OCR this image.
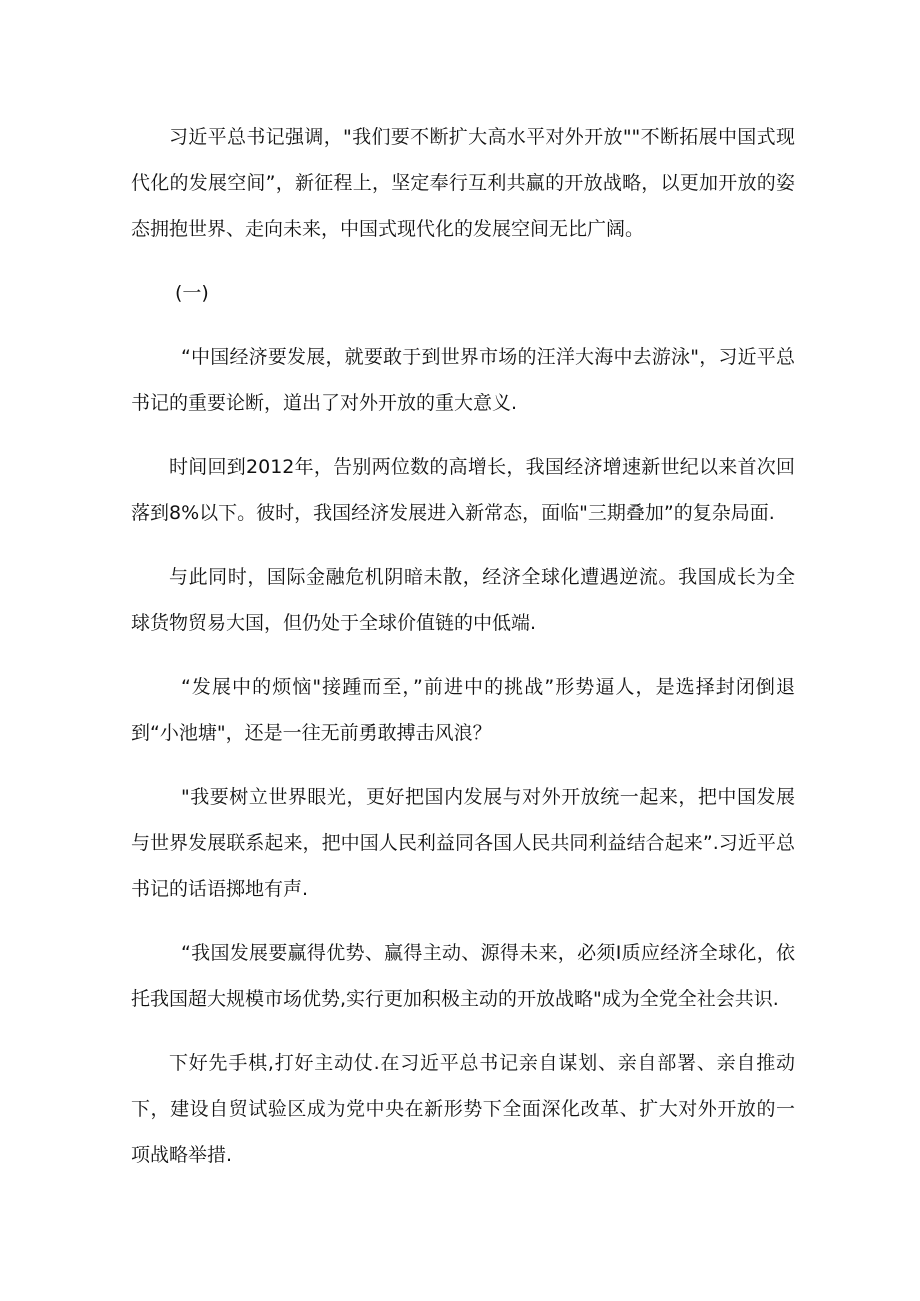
习近平总书记强调，"我们要不断扩大高水平对外开放""不断拓展中国式现代化的发展空间”，新征程上，坚定奉行互利共赢的开放战略，以更加开放的姿态拥抱世界、走向未来，中国式现代化的发展空间无比广阔。

(一)

“中国经济要发展，就要敢于到世界市场的汪洋大海中去游泳"，习近平总书记的重要论断，道出了对外开放的重大意义.

时间回到2012年，告别两位数的高增长，我国经济增速新世纪以来首次回落到8%以下。彼时，我国经济发展进入新常态，面临"三期叠加”的复杂局面.

与此同时，国际金融危机阴暗未散，经济全球化遭遇逆流。我国成长为全球货物贸易大国，但仍处于全球价值链的中低端.

“发展中的烦恼"接踵而至，”前进中的挑战”形势逼人，是选择封闭倒退到“小池塘"，还是一往无前勇敢搏击风浪？

"我要树立世界眼光，更好把国内发展与对外开放统一起来，把中国发展与世界发展联系起来，把中国人民利益同各国人民共同利益结合起来”.习近平总书记的话语掷地有声.

“我国发展要赢得优势、赢得主动、源得未来，必须I质应经济全球化，依托我国超大规模市场优势,实行更加积极主动的开放战略"成为全党全社会共识.

下好先手棋,打好主动仗.在习近平总书记亲自谋划、亲自部署、亲自推动下，建设自贸试验区成为党中央在新形势下全面深化改革、扩大对外开放的一项战略举措.
